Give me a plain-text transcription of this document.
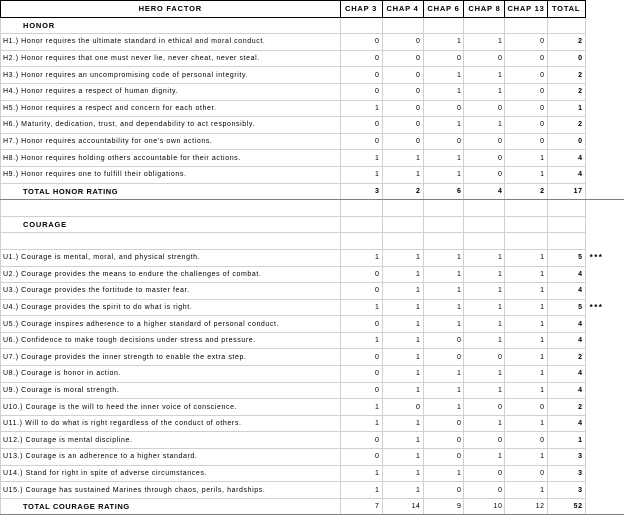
HERO FACTOR	CHAP 3	CHAP 4	CHAP 6	CHAP 8	CHAP 13	TOTAL	
HONOR							
H1.) Honor requires the ultimate standard in ethical and moral conduct.	0	0	1	1	0	2	
H2.) Honor requires that one must never lie, never cheat, never steal.	0	0	0	0	0	0	
H3.) Honor requires an uncompromising code of personal integrity.	0	0	1	1	0	2	
H4.) Honor requires a respect of human dignity.	0	0	1	1	0	2	
H5.) Honor requires a respect and concern for each other.	1	0	0	0	0	1	
H6.) Maturity, dedication, trust, and dependability to act responsibly.	0	0	1	1	0	2	
H7.) Honor requires accountability for one's own actions.	0	0	0	0	0	0	
H8.) Honor requires holding others accountable for their actions.	1	1	1	0	1	4	
H9.) Honor requires one to fulfill their obligations.	1	1	1	0	1	4	
TOTAL HONOR RATING	3	2	6	4	2	17	

COURAGE							

U1.) Courage is mental, moral, and physical strength.	1	1	1	1	1	5	***
U2.) Courage provides the means to endure the challenges of combat.	0	1	1	1	1	4	
U3.) Courage provides the fortitude to master fear.	0	1	1	1	1	4	
U4.) Courage provides the spirit to do what is right.	1	1	1	1	1	5	***
U5.) Courage inspires adherence to a higher standard of personal conduct.	0	1	1	1	1	4	
U6.) Confidence to make tough decisions under stress and pressure.	1	1	0	1	1	4	
U7.) Courage provides the inner strength to enable the extra step.	0	1	0	0	1	2	
U8.) Courage is honor in action.	0	1	1	1	1	4	
U9.) Courage is moral strength.	0	1	1	1	1	4	
U10.) Courage is the will to heed the inner voice of conscience.	1	0	1	0	0	2	
U11.) Will to do what is right regardless of the conduct of others.	1	1	0	1	1	4	
U12.) Courage is mental discipline.	0	1	0	0	0	1	
U13.) Courage is an adherence to a higher standard.	0	1	0	1	1	3	
U14.) Stand for right in spite of adverse circumstances.	1	1	1	0	0	3	
U15.) Courage has sustained Marines through chaos, perils, hardships.	1	1	0	0	1	3	
TOTAL COURAGE RATING	7	14	9	10	12	52	
